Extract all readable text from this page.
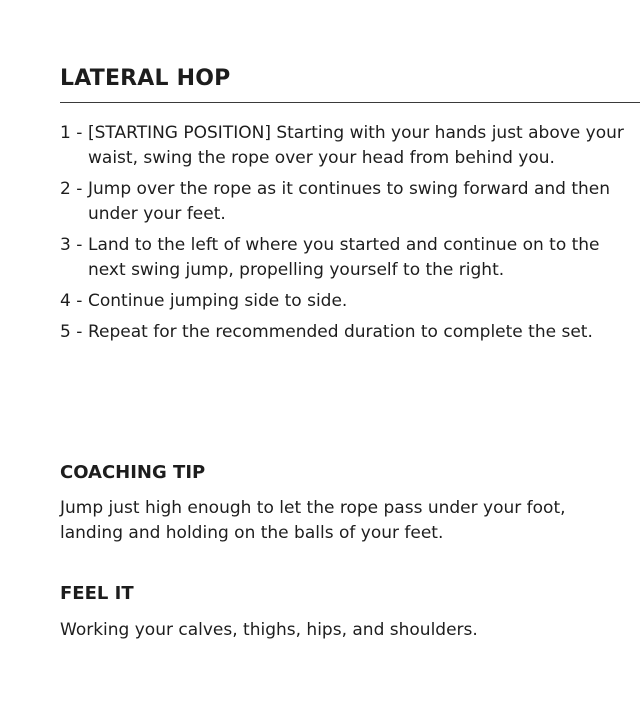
LATERAL HOP
1 - [STARTING POSITION] Starting with your hands just above your waist, swing the rope over your head from behind you.
2 - Jump over the rope as it continues to swing forward and then under your feet.
3 - Land to the left of where you started and continue on to the next swing jump, propelling yourself to the right.
4 - Continue jumping side to side.
5 - Repeat for the recommended duration to complete the set.
COACHING TIP

Jump just high enough to let the rope pass under your foot, landing and holding on the balls of your feet.

FEEL IT

Working your calves, thighs, hips, and shoulders.
